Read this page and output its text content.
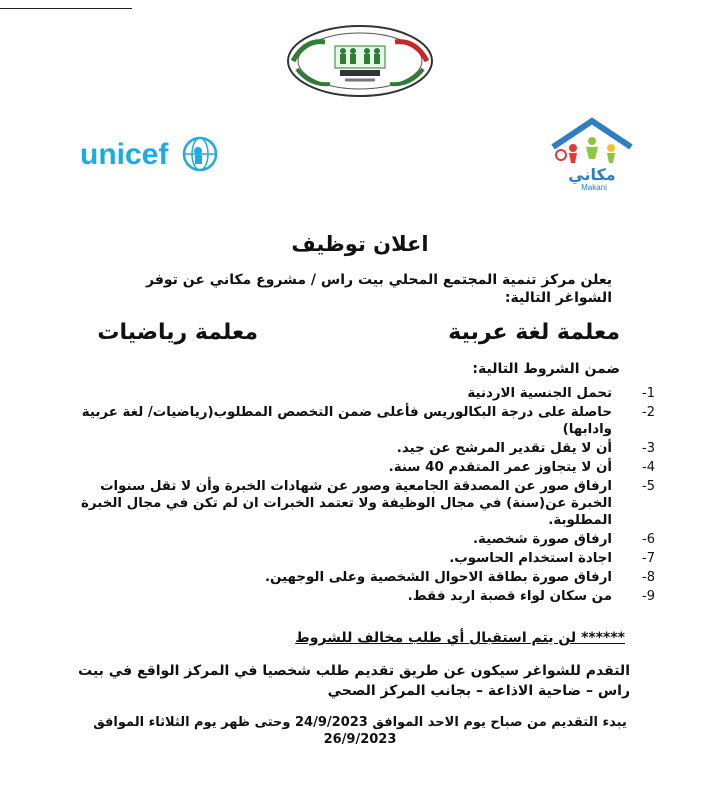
unicef
مكاني
Makani
اعلان توظيف
يعلن مركز تنمية المجتمع المحلي بيت راس / مشروع مكاني عن توفر الشواغر التالية:
معلمة لغة عربية
معلمة رياضيات
ضمن الشروط التالية:
-1
تحمل الجنسية الاردنية
-2
حاصلة على درجة البكالوريس فأعلى ضمن التخصص المطلوب(رياضيات/ لغة عربية وادابها)
-3
أن لا يقل تقدير المرشح عن جيد.
-4
أن لا يتجاوز عمر المتقدم 40 سنة.
-5
ارفاق صور عن المصدقة الجامعية وصور عن شهادات الخبرة وأن لا تقل سنوات الخبرة عن(سنة) في مجال الوظيفة ولا تعتمد الخبرات ان لم تكن في مجال الخبرة المطلوبة.
-6
ارفاق صورة شخصية.
-7
اجادة استخدام الحاسوب.
-8
ارفاق صورة بطاقة الاحوال الشخصية وعلى الوجهين.
-9
من سكان لواء قصبة اربد فقط.
****** لن يتم استقبال أي طلب مخالف للشروط
التقدم للشواغر سيكون عن طريق تقديم طلب شخصيا في المركز الواقع في بيت راس – ضاحية الاذاعة – بجانب المركز الصحي
يبدء التقديم من صباح يوم الاحد الموافق 24/9/2023 وحتى ظهر يوم الثلاثاء الموافق 26/9/2023
